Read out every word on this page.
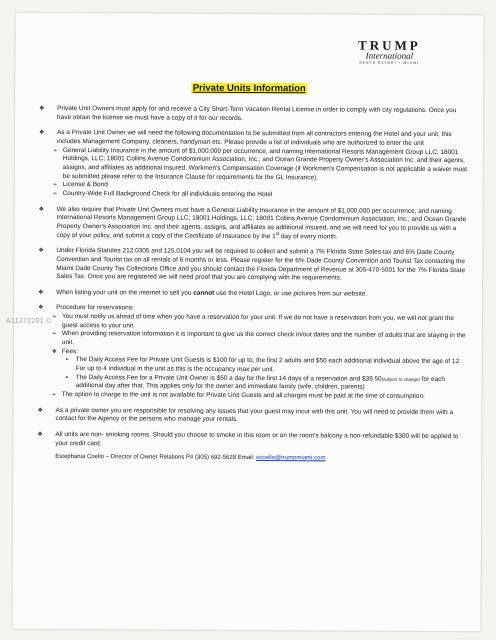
TRUMP
International
BEACH RESORT • MIAMI
Private Units Information
❖ Private Unit Owners must apply for and receive a City Short-Term Vacation Rental License in order to comply with city regulations. Once you have obtain the license we must have a copy of it for our records.
❖ As a Private Unit Owner we will need the following documentation to be submitted from all contractors entering the Hotel and your unit, this includes Management Company, cleaners, handyman etc. Please provide a list of individuals who are authorized to enter the unit
➢ General Liability Insurance in the amount of $1,000,000 per occurrence, and naming International Resorts Management Group LLC; 18001 Holdings, LLC; 18001 Collins Avenue Condominium Association, Inc.; and Ocean Grande Property Owner's Association Inc. and their agents, assigns, and affiliates as additional insured. Workmen's Compensation Coverage (if Workmen's Compensation is not applicable a waiver must be submitted please refer to the Insurance Clause for requirements for the GL Insurance).
➢ License & Bond
➢ Country-Wide Full Background Check for all individuals entering the Hotel
❖ We also require that Private Unit Owners must have a General Liability Insurance in the amount of $1,000,000 per occurrence, and naming International Resorts Management Group LLC; 18001 Holdings, LLC; 18001 Collins Avenue Condominium Association, Inc.; and Ocean Grande Property Owner's Association Inc. and their agents, assigns, and affiliates as additional insured, and we will need for you to provide us with a copy of your policy, and submit a copy of the Certificate of Insurance by the 1st day of every month.
❖ Under Florida Statutes 212.0305 and 125.0104 you will be required to collect and submit a 7% Florida State Sales tax and 6% Dade County Convention and Tourist tax on all rentals of 6 months or less. Please register for the 6% Dade County Convention and Tourist Tax contacting the Miami Dade County Tax Collections Office and you should contact the Florida Department of Revenue at 305-470-5001 for the 7% Florida State Sales Tax. Once you are registered we will need proof that you are complying with the requirements.
❖ When listing your unit on the internet to sell you cannot use the Hotel Logo, or use pictures from our website.
❖ Procedure for reservations:
➢ You must notify us ahead of time when you have a reservation for your unit. If we do not have a reservation from you, we will not grant the guest access to your unit.
➢ When providing reservation information it is important to give us the correct check in/out dates and the number of adults that are staying in the unit.
❖ Fees:
▪ The Daily Access Fee for Private Unit Guests is $100 for up to, the first 2 adults and $50 each additional individual above the age of 12. For up to 4 individual in the unit as this is the occupancy max per unit.
▪ The Daily Access Fee for a Private Unit Owner is $50 a day for the first 14 days of a reservation and $39.50(subject to change) for each additional day after that. This applies only for the owner and immediate family (wife, children, parents)
➢ The option to charge to the unit is not available for Private Unit Guests and all charges must be paid at the time of consumption.
❖ As a private owner you are responsible for resolving any issues that your guest may incur with this unit. You will need to provide them with a contact for the Agency or the persons who manage your rentals.
❖ All units are non- smoking rooms. Should you choose to smoke in this room or on the room's balcony a non-refundable $300 will be applied to your credit card.
Estephania Coello – Director of Owner Relations P# (305) 692-5628 Email: ecoello@trumpmiami.com
A11372201 ©
